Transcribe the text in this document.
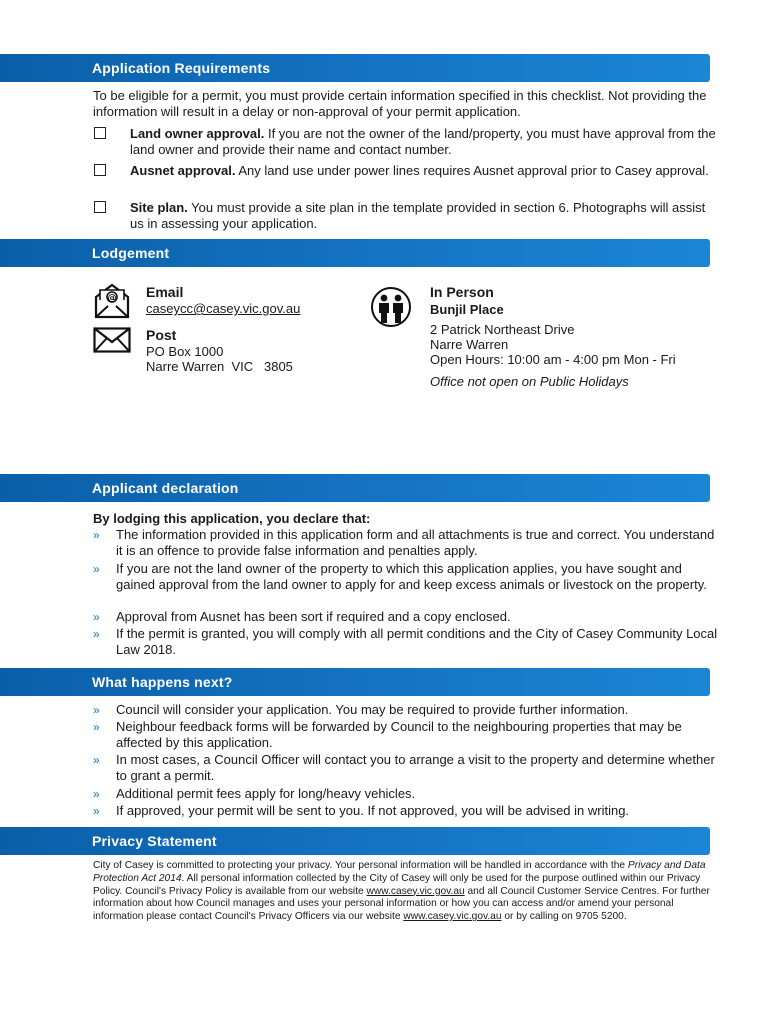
Application Requirements
To be eligible for a permit, you must provide certain information specified in this checklist. Not providing the information will result in a delay or non-approval of your permit application.
Land owner approval. If you are not the owner of the land/property, you must have approval from the land owner and provide their name and contact number.
Ausnet approval. Any land use under power lines requires Ausnet approval prior to Casey approval.
Site plan. You must provide a site plan in the template provided in section 6. Photographs will assist us in assessing your application.
Lodgement
@ Email
caseycc@casey.vic.gov.au
Post
PO Box 1000
Narre Warren  VIC   3805
In Person
Bunjil Place
2 Patrick Northeast Drive
Narre Warren
Open Hours: 10:00 am - 4:00 pm Mon - Fri
Office not open on Public Holidays
Applicant declaration
By lodging this application, you declare that:
» The information provided in this application form and all attachments is true and correct. You understand it is an offence to provide false information and penalties apply.
» If you are not the land owner of the property to which this application applies, you have sought and gained approval from the land owner to apply for and keep excess animals or livestock on the property.
» Approval from Ausnet has been sort if required and a copy enclosed.
» If the permit is granted, you will comply with all permit conditions and the City of Casey Community Local Law 2018.
What happens next?
» Council will consider your application. You may be required to provide further information.
» Neighbour feedback forms will be forwarded by Council to the neighbouring properties that may be affected by this application.
» In most cases, a Council Officer will contact you to arrange a visit to the property and determine whether to grant a permit.
» Additional permit fees apply for long/heavy vehicles.
» If approved, your permit will be sent to you. If not approved, you will be advised in writing.
Privacy Statement
City of Casey is committed to protecting your privacy. Your personal information will be handled in accordance with the Privacy and Data Protection Act 2014. All personal information collected by the City of Casey will only be used for the purpose outlined within our Privacy Policy. Council's Privacy Policy is available from our website www.casey.vic.gov.au and all Council Customer Service Centres. For further information about how Council manages and uses your personal information or how you can access and/or amend your personal information please contact Council's Privacy Officers via our website www.casey.vic.gov.au or by calling on 9705 5200.
